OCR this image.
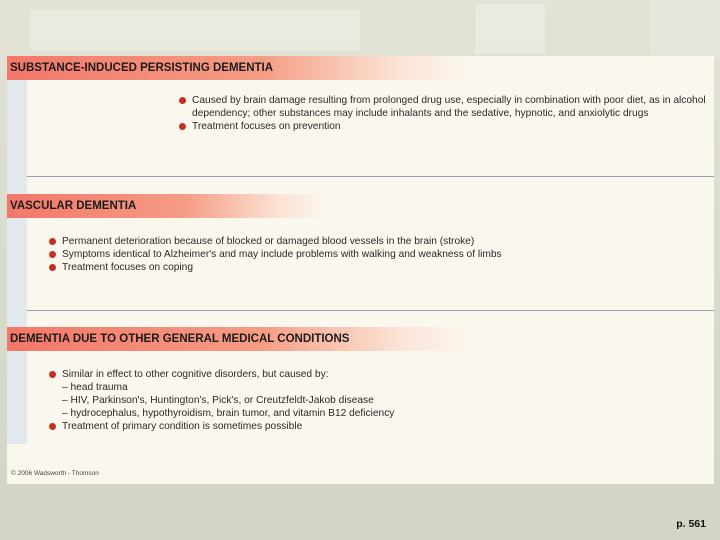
SUBSTANCE-INDUCED PERSISTING DEMENTIA
Caused by brain damage resulting from prolonged drug use, especially in combination with poor diet, as in alcohol dependency; other substances may include inhalants and the sedative, hypnotic, and anxiolytic drugs
Treatment focuses on prevention
VASCULAR DEMENTIA
Permanent deterioration because of blocked or damaged blood vessels in the brain (stroke)
Symptoms identical to Alzheimer's and may include problems with walking and weakness of limbs
Treatment focuses on coping
DEMENTIA DUE TO OTHER GENERAL MEDICAL CONDITIONS
Similar in effect to other cognitive disorders, but caused by:
– head trauma
– HIV, Parkinson's, Huntington's, Pick's, or Creutzfeldt-Jakob disease
– hydrocephalus, hypothyroidism, brain tumor, and vitamin B12 deficiency
Treatment of primary condition is sometimes possible
© 2006 Wadsworth - Thomson
p. 561
